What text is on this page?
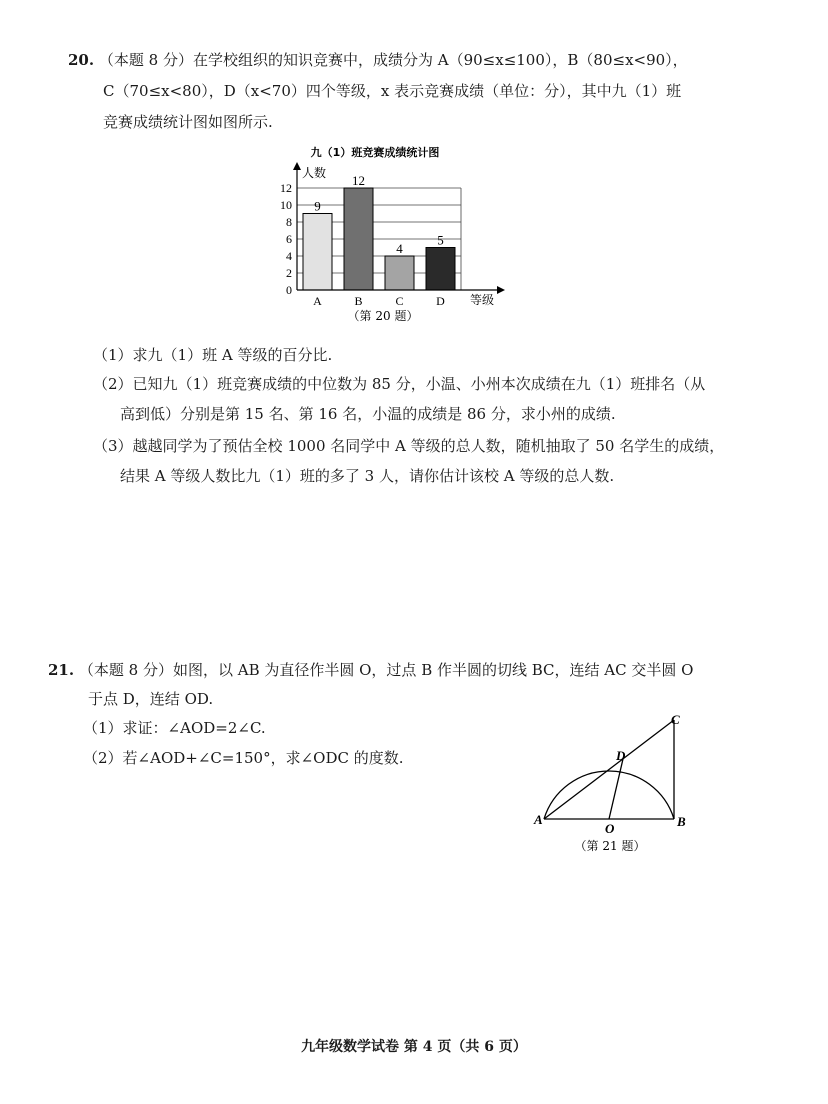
20. （本题 8 分）在学校组织的知识竞赛中，成绩分为 A（90≤x≤100），B（80≤x<90），
C（70≤x<80），D（x<70）四个等级，x 表示竞赛成绩（单位：分），其中九（1）班
竞赛成绩统计图如图所示.
九（1）班竞赛成绩统计图
0
2
4
6
8
10
12
9
A
12
B
4
C
5
D
人数
等级
（第 20 题）
（1）求九（1）班 A 等级的百分比.
（2）已知九（1）班竞赛成绩的中位数为 85 分，小温、小州本次成绩在九（1）班排名（从
高到低）分别是第 15 名、第 16 名，小温的成绩是 86 分，求小州的成绩.
（3）越越同学为了预估全校 1000 名同学中 A 等级的总人数，随机抽取了 50 名学生的成绩，
结果 A 等级人数比九（1）班的多了 3 人，请你估计该校 A 等级的总人数.
21. （本题 8 分）如图，以 AB 为直径作半圆 O，过点 B 作半圆的切线 BC，连结 AC 交半圆 O
于点 D，连结 OD.
（1）求证：∠AOD=2∠C.
（2）若∠AOD+∠C=150°，求∠ODC 的度数.
A	B
C
D
O
（第 21 题）
九年级数学试卷 第 4 页（共 6 页）
